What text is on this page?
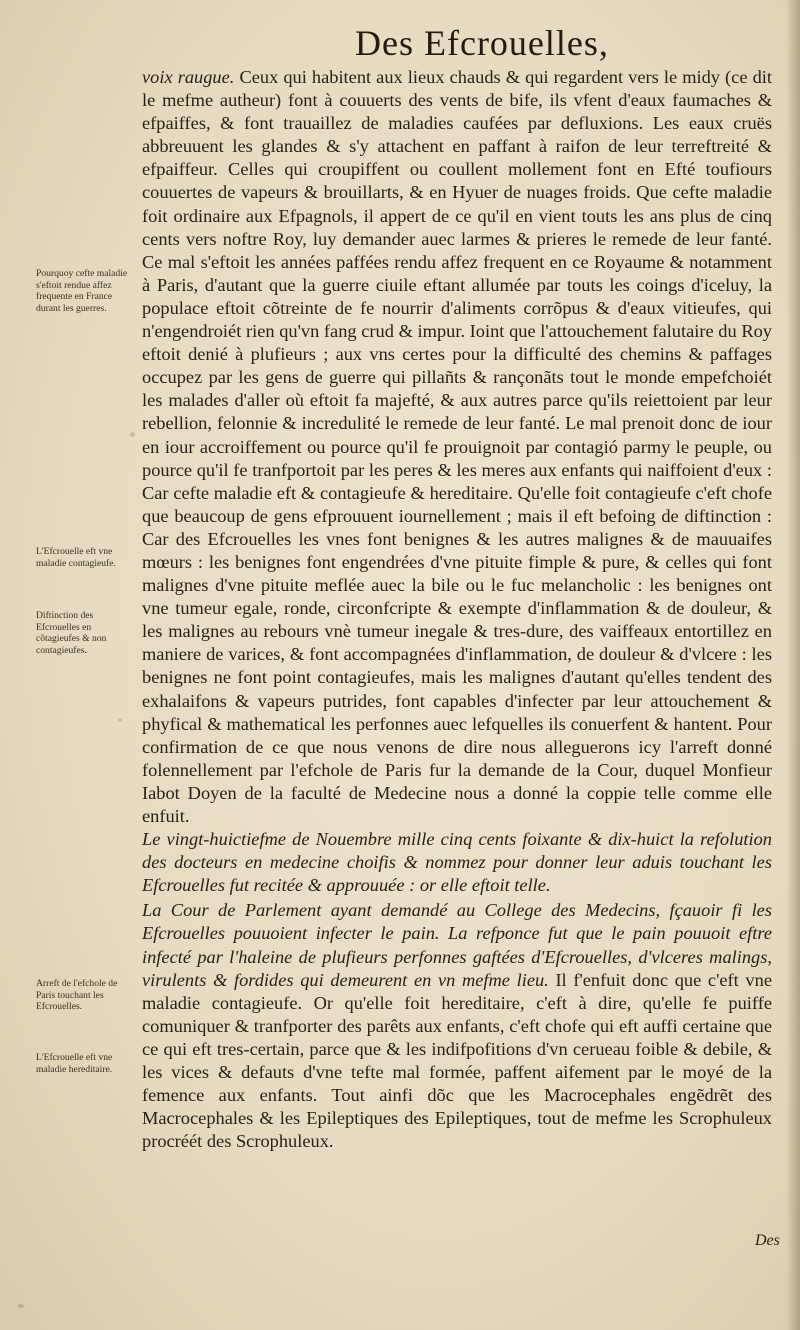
Des Efcrouelles,

voix raugue. Ceux qui habitent aux lieux chauds & qui regardent vers le midy (ce dit le mefme autheur) font à couuerts des vents de bife, ils vfent d'eaux faumaches & efpaiffes, & font trauaillez de maladies caufées par defluxions. Les eaux cruës abbreuuent les glandes & s'y attachent en paffant à raifon de leur terreftreité & efpaiffeur. Celles qui croupiffent ou coullent mollement font en Efté toufiours couuertes de vapeurs & brouillarts, & en Hyuer de nuages froids. Que cefte maladie foit ordinaire aux Efpagnols, il appert de ce qu'il en vient touts les ans plus de cinq cents vers noftre Roy, luy demander auec larmes & prieres le remede de leur fanté. Ce mal s'eftoit les années paffées rendu affez frequent en ce Royaume & notamment à Paris, d'autant que la guerre ciuile eftant allumée par touts les coings d'iceluy, la populace eftoit cõtreinte de fe nourrir d'aliments corrõpus & d'eaux vitieufes, qui n'engendroiét rien qu'vn fang crud & impur. Ioint que l'attouchement falutaire du Roy eftoit denié à plufieurs ; aux vns certes pour la difficulté des chemins & paffages occupez par les gens de guerre qui pillañts & rançonãts tout le monde empefchoiét les malades d'aller où eftoit fa majefté, & aux autres parce qu'ils reiettoient par leur rebellion, felonnie & incredulité le remede de leur fanté. Le mal prenoit donc de iour en iour accroiffement ou pource qu'il fe prouignoit par contagió parmy le peuple, ou pource qu'il fe tranfportoit par les peres & les meres aux enfants qui naiffoient d'eux : Car cefte maladie eft & contagieufe & hereditaire. Qu'elle foit contagieufe c'eft chofe que beaucoup de gens efprouuent iournellement ; mais il eft befoing de diftinction : Car des Efcrouelles les vnes font benignes & les autres malignes & de mauuaifes mœurs : les benignes font engendrées d'vne pituite fimple & pure, & celles qui font malignes d'vne pituite meflée auec la bile ou le fuc melancholic : les benignes ont vne tumeur egale, ronde, circonfcripte & exempte d'inflammation & de douleur, & les malignes au rebours vnè tumeur inegale & tres-dure, des vaiffeaux entortillez en maniere de varices, & font accompagnées d'inflammation, de douleur & d'vlcere : les benignes ne font point contagieufes, mais les malignes d'autant qu'elles tendent des exhalaifons & vapeurs putrides, font capables d'infecter par leur attouchement & phyfical & mathematical les perfonnes auec lefquelles ils conuerfent & hantent. Pour confirmation de ce que nous venons de dire nous alleguerons icy l'arreft donné folennellement par l'efchole de Paris fur la demande de la Cour, duquel Monfieur Iabot Doyen de la faculté de Medecine nous a donné la coppie telle comme elle enfuit.

Le vingt-huictiefme de Nouembre mille cinq cents foixante & dix-huict la refolution des docteurs en medecine choifis & nommez pour donner leur aduis touchant les Efcrouelles fut recitée & approuuée : or elle eftoit telle.

La Cour de Parlement ayant demandé au College des Medecins, fçauoir fi les Efcrouelles pouuoient infecter le pain. La refponce fut que le pain pouuoit eftre infecté par l'haleine de plufieurs perfonnes gaftées d'Efcrouelles, d'vlceres malings, virulents & fordides qui demeurent en vn mefme lieu. Il f'enfuit donc que c'eft vne maladie contagieufe. Or qu'elle foit hereditaire, c'eft à dire, qu'elle fe puiffe comuniquer & tranfporter des parêts aux enfants, c'eft chofe qui eft auffi certaine que ce qui eft tres-certain, parce que & les indifpofitions d'vn cerueau foible & debile, & les vices & defauts d'vne tefte mal formée, paffent aifement par le moyé de la femence aux enfants. Tout ainfi dõc que les Macrocephales engẽdrẽt des Macrocephales & les Epileptiques des Epileptiques, tout de mefme les Scrophuleux procréét des Scrophuleux.

Pourquoy cefte maladie s'eftoit rendue affez frequente en France durant les guerres.
L'Efcrouelle eft vne maladie contagieufe.
Diftinction des Efcrouelles en cõtagieufes & non contagieufes.
Arreft de l'efchole de Paris touchant les Efcrouelles.
L'Efcrouelle eft vne maladie hereditaire.
Des
